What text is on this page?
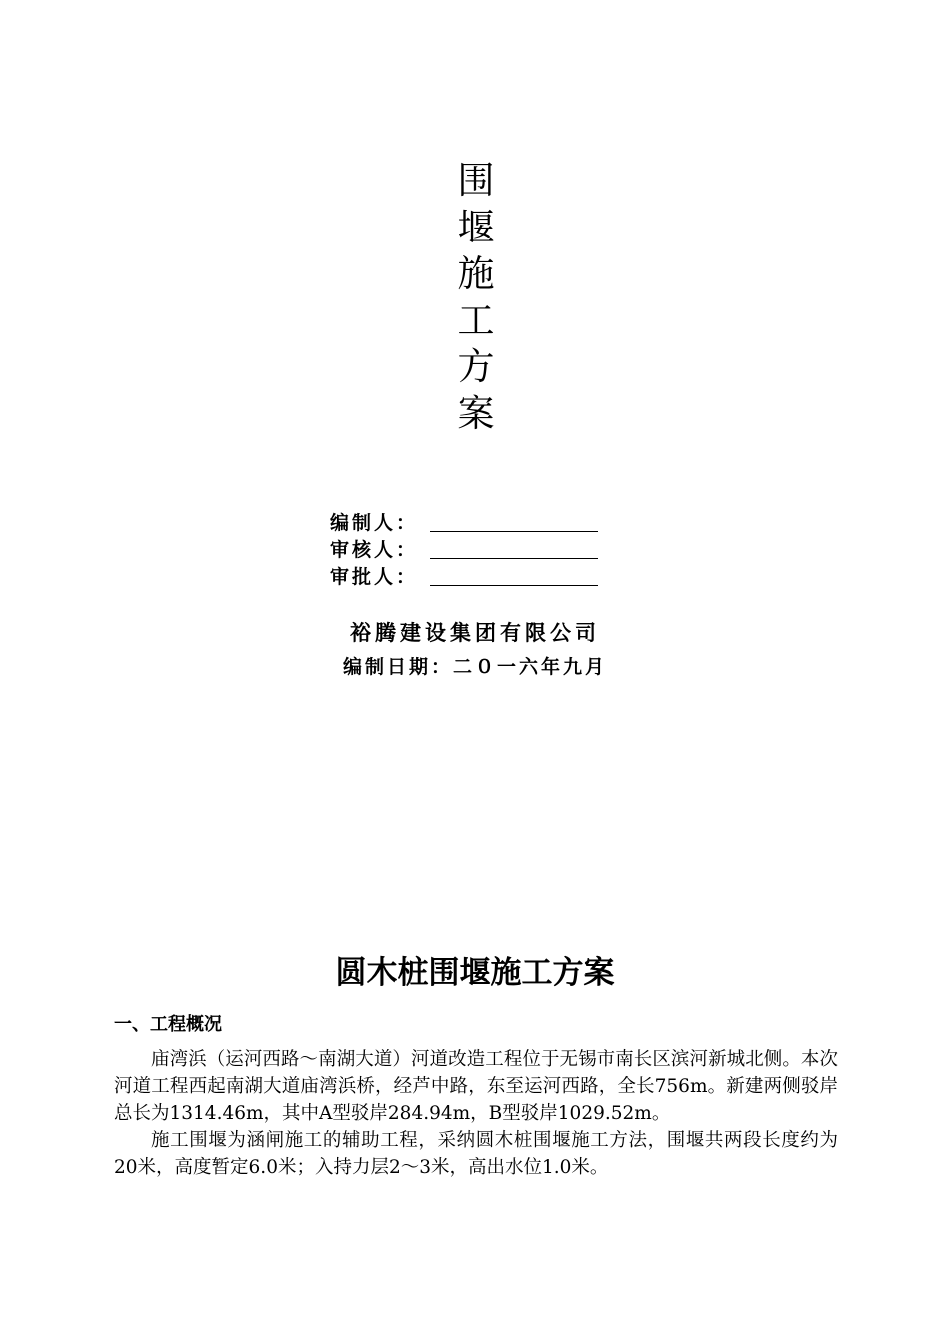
围
堰
施
工
方
案
编制人：
审核人：
审批人：

裕腾建设集团有限公司

编制日期：二０一六年九月

圆木桩围堰施工方案
一、工程概况

庙湾浜（运河西路～南湖大道）河道改造工程位于无锡市南长区滨河新城北侧。本次河道工程西起南湖大道庙湾浜桥，经芦中路，东至运河西路，全长756m。新建两侧驳岸总长为1314.46m，其中A型驳岸284.94m，B型驳岸1029.52m。

施工围堰为涵闸施工的辅助工程，采纳圆木桩围堰施工方法，围堰共两段长度约为20米，高度暂定6.0米；入持力层2～3米，高出水位1.0米。
